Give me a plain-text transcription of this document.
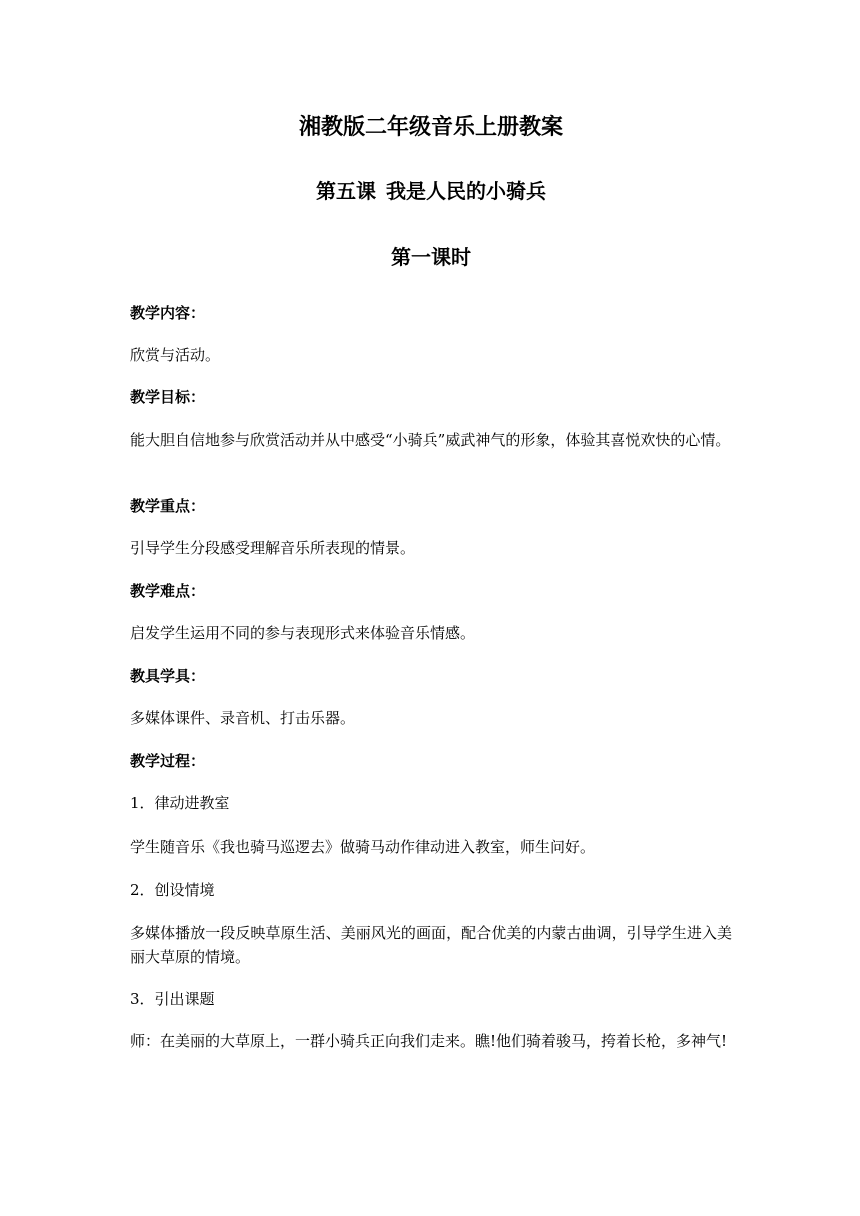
湘教版二年级音乐上册教案
第五课 我是人民的小骑兵
第一课时

教学内容：

欣赏与活动。

教学目标：

能大胆自信地参与欣赏活动并从中感受“小骑兵”威武神气的形象，体验其喜悦欢快的心情。

教学重点：

引导学生分段感受理解音乐所表现的情景。

教学难点：

启发学生运用不同的参与表现形式来体验音乐情感。

教具学具：

多媒体课件、录音机、打击乐器。

教学过程：

1．律动进教室

学生随音乐《我也骑马巡逻去》做骑马动作律动进入教室，师生问好。

2．创设情境

多媒体播放一段反映草原生活、美丽风光的画面，配合优美的内蒙古曲调，引导学生进入美丽大草原的情境。

3．引出课题

师：在美丽的大草原上，一群小骑兵正向我们走来。瞧!他们骑着骏马，挎着长枪，多神气!
